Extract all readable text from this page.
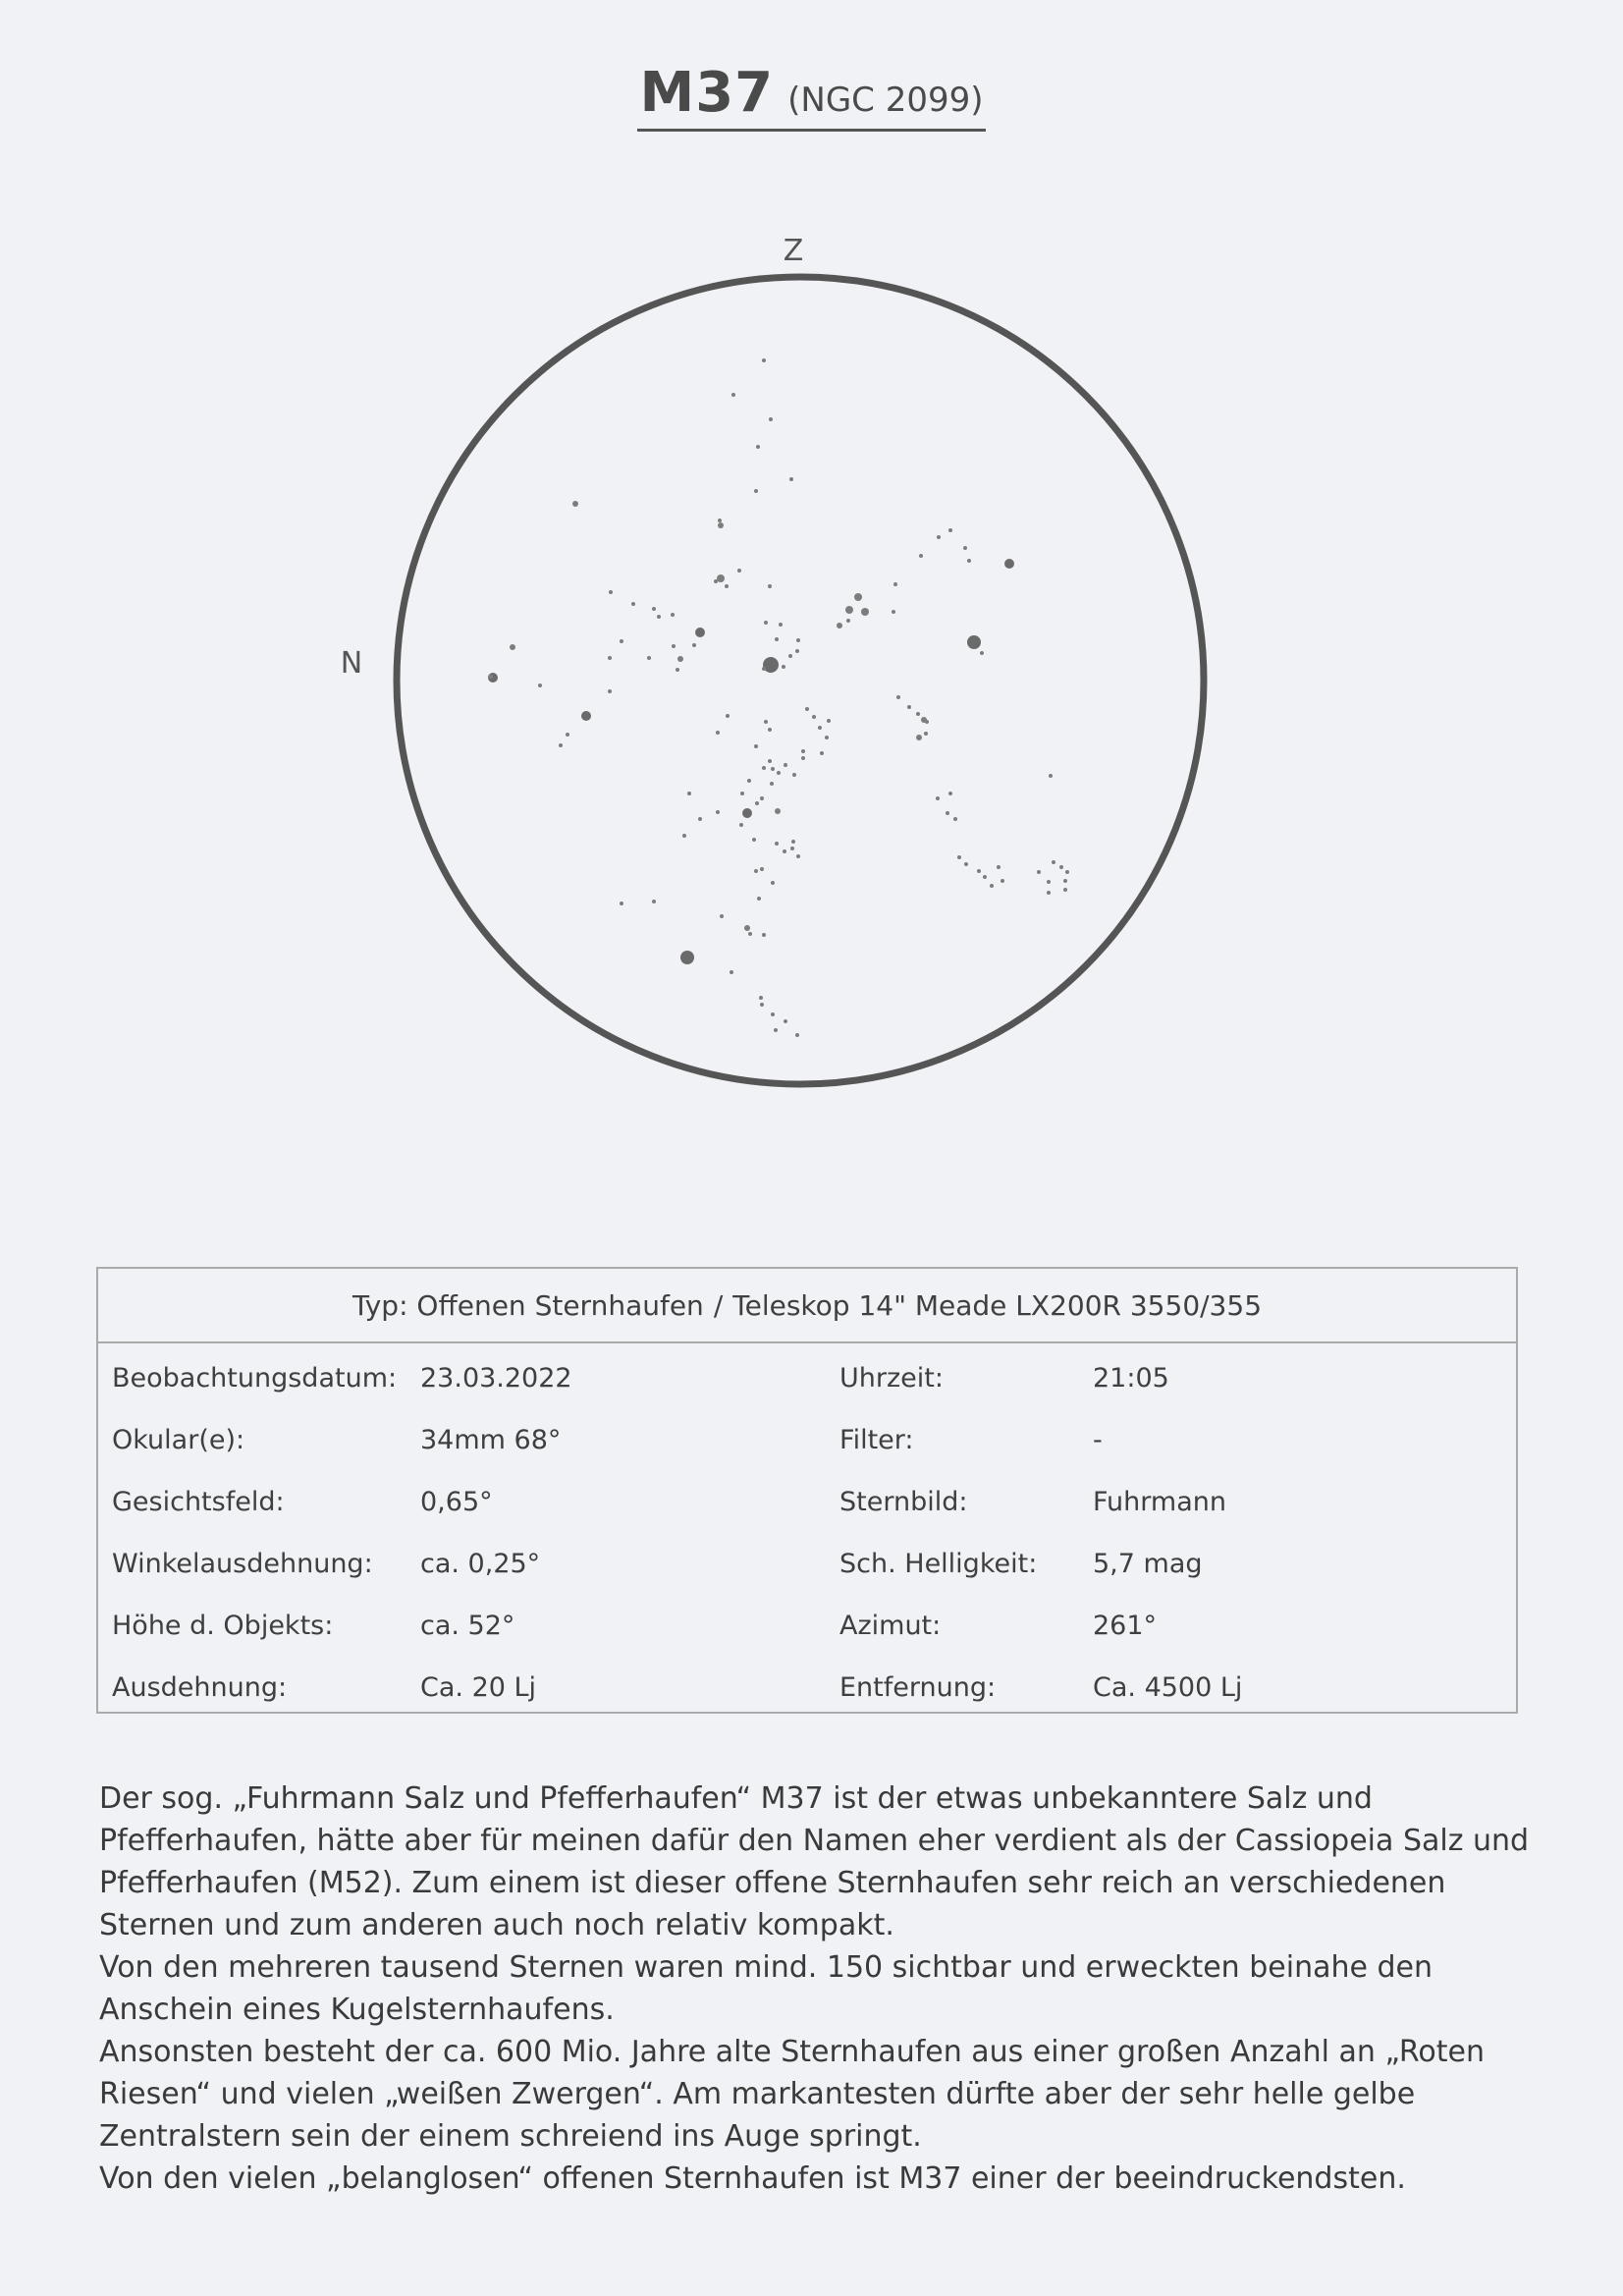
M37 (NGC 2099)
Z
N
Typ: Offenen Sternhaufen / Teleskop 14" Meade LX200R 3550/355
Beobachtungsdatum: 23.03.2022	Uhrzeit:	21:05
Okular(e):	34mm 68°	Filter:	-
Gesichtsfeld:	0,65°	Sternbild:	Fuhrmann
Winkelausdehnung: ca. 0,25°	Sch. Helligkeit: 5,7 mag
Höhe d. Objekts:	ca. 52°	Azimut:	261°
Ausdehnung:	Ca. 20 Lj	Entfernung:	Ca. 4500 Lj

Der sog. „Fuhrmann Salz und Pfefferhaufen“ M37 ist der etwas unbekanntere Salz und Pfefferhaufen, hätte aber für meinen dafür den Namen eher verdient als der Cassiopeia Salz und Pfefferhaufen (M52). Zum einem ist dieser offene Sternhaufen sehr reich an verschiedenen Sternen und zum anderen auch noch relativ kompakt.

Von den mehreren tausend Sternen waren mind. 150 sichtbar und erweckten beinahe den Anschein eines Kugelsternhaufens.

Ansonsten besteht der ca. 600 Mio. Jahre alte Sternhaufen aus einer großen Anzahl an „Roten Riesen“ und vielen „weißen Zwergen“. Am markantesten dürfte aber der sehr helle gelbe Zentralstern sein der einem schreiend ins Auge springt.

Von den vielen „belanglosen“ offenen Sternhaufen ist M37 einer der beeindruckendsten.
